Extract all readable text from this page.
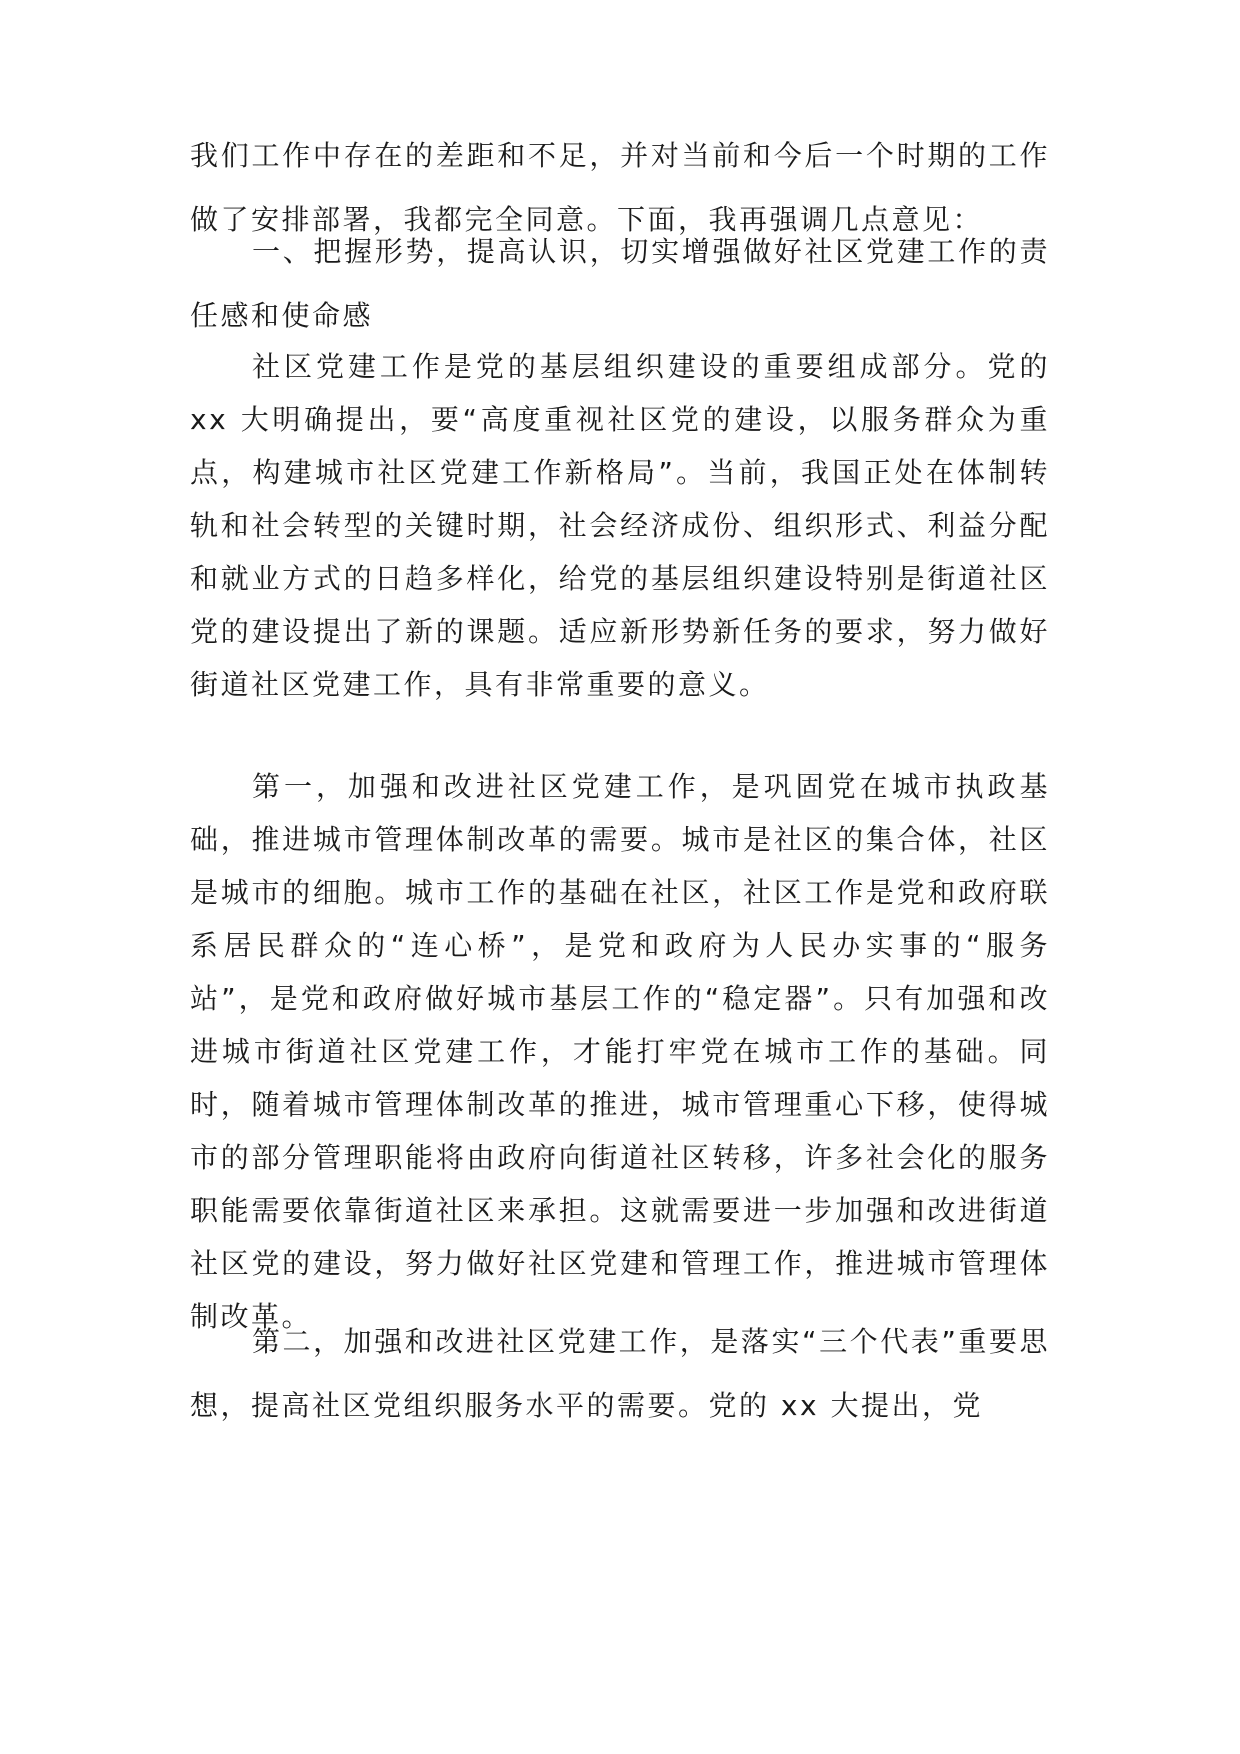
我们工作中存在的差距和不足，并对当前和今后一个时期的工作做了安排部署，我都完全同意。下面，我再强调几点意见：

一、把握形势，提高认识，切实增强做好社区党建工作的责任感和使命感

社区党建工作是党的基层组织建设的重要组成部分。党的 xx 大明确提出，要“高度重视社区党的建设，以服务群众为重点，构建城市社区党建工作新格局”。当前，我国正处在体制转轨和社会转型的关键时期，社会经济成份、组织形式、利益分配和就业方式的日趋多样化，给党的基层组织建设特别是街道社区党的建设提出了新的课题。适应新形势新任务的要求，努力做好街道社区党建工作，具有非常重要的意义。

第一，加强和改进社区党建工作，是巩固党在城市执政基础，推进城市管理体制改革的需要。城市是社区的集合体，社区是城市的细胞。城市工作的基础在社区，社区工作是党和政府联系居民群众的“连心桥”，是党和政府为人民办实事的“服务站”，是党和政府做好城市基层工作的“稳定器”。只有加强和改进城市街道社区党建工作，才能打牢党在城市工作的基础。同时，随着城市管理体制改革的推进，城市管理重心下移，使得城市的部分管理职能将由政府向街道社区转移，许多社会化的服务职能需要依靠街道社区来承担。这就需要进一步加强和改进街道社区党的建设，努力做好社区党建和管理工作，推进城市管理体制改革。

第二，加强和改进社区党建工作，是落实“三个代表”重要思想，提高社区党组织服务水平的需要。党的 xx 大提出，党
